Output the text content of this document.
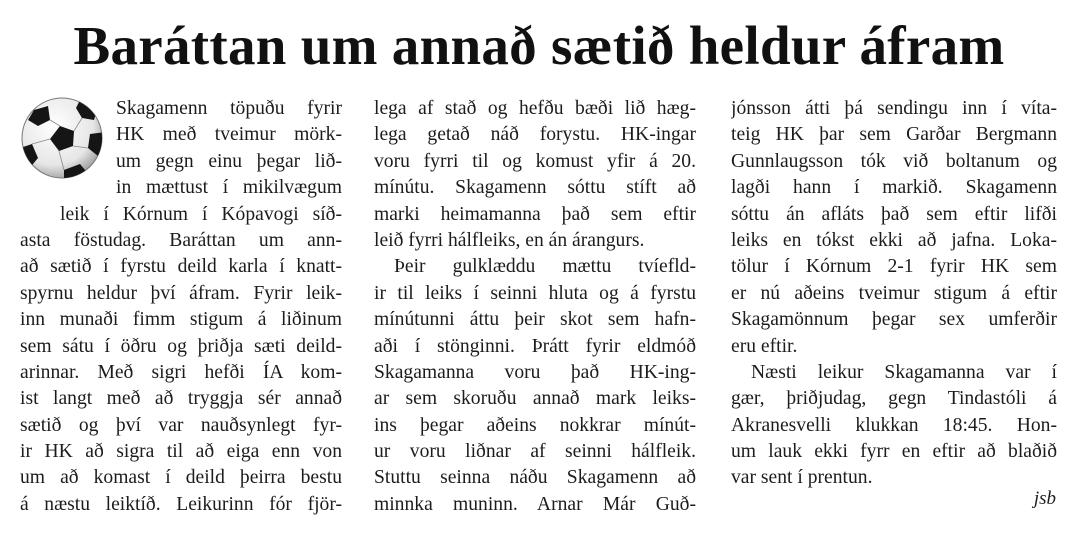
Baráttan um annað sætið heldur áfram
Skagamenn töpuðu fyrir
HK með tveimur mörk-
um gegn einu þegar lið-
in mættust í mikilvægum
leik í Kórnum í Kópavogi síð-
asta föstudag. Baráttan um ann-
að sætið í fyrstu deild karla í knatt-
spyrnu heldur því áfram. Fyrir leik-
inn munaði fimm stigum á liðinum
sem sátu í öðru og þriðja sæti deild-
arinnar. Með sigri hefði ÍA kom-
ist langt með að tryggja sér annað
sætið og því var nauðsynlegt fyr-
ir HK að sigra til að eiga enn von
um að komast í deild þeirra bestu
á næstu leiktíð. Leikurinn fór fjör-
lega af stað og hefðu bæði lið hæg-
lega getað náð forystu. HK-ingar
voru fyrri til og komust yfir á 20.
mínútu. Skagamenn sóttu stíft að
marki heimamanna það sem eftir
leið fyrri hálfleiks, en án árangurs.
Þeir gulklæddu mættu tvíefld-
ir til leiks í seinni hluta og á fyrstu
mínútunni áttu þeir skot sem hafn-
aði í stönginni. Þrátt fyrir eldmóð
Skagamanna voru það HK-ing-
ar sem skoruðu annað mark leiks-
ins þegar aðeins nokkrar mínút-
ur voru liðnar af seinni hálfleik.
Stuttu seinna náðu Skagamenn að
minnka muninn. Arnar Már Guð-
jónsson átti þá sendingu inn í víta-
teig HK þar sem Garðar Bergmann
Gunnlaugsson tók við boltanum og
lagði hann í markið. Skagamenn
sóttu án afláts það sem eftir lifði
leiks en tókst ekki að jafna. Loka-
tölur í Kórnum 2-1 fyrir HK sem
er nú aðeins tveimur stigum á eftir
Skagamönnum þegar sex umferðir
eru eftir.
Næsti leikur Skagamanna var í
gær, þriðjudag, gegn Tindastóli á
Akranesvelli klukkan 18:45. Hon-
um lauk ekki fyrr en eftir að blaðið
var sent í prentun.
jsb
